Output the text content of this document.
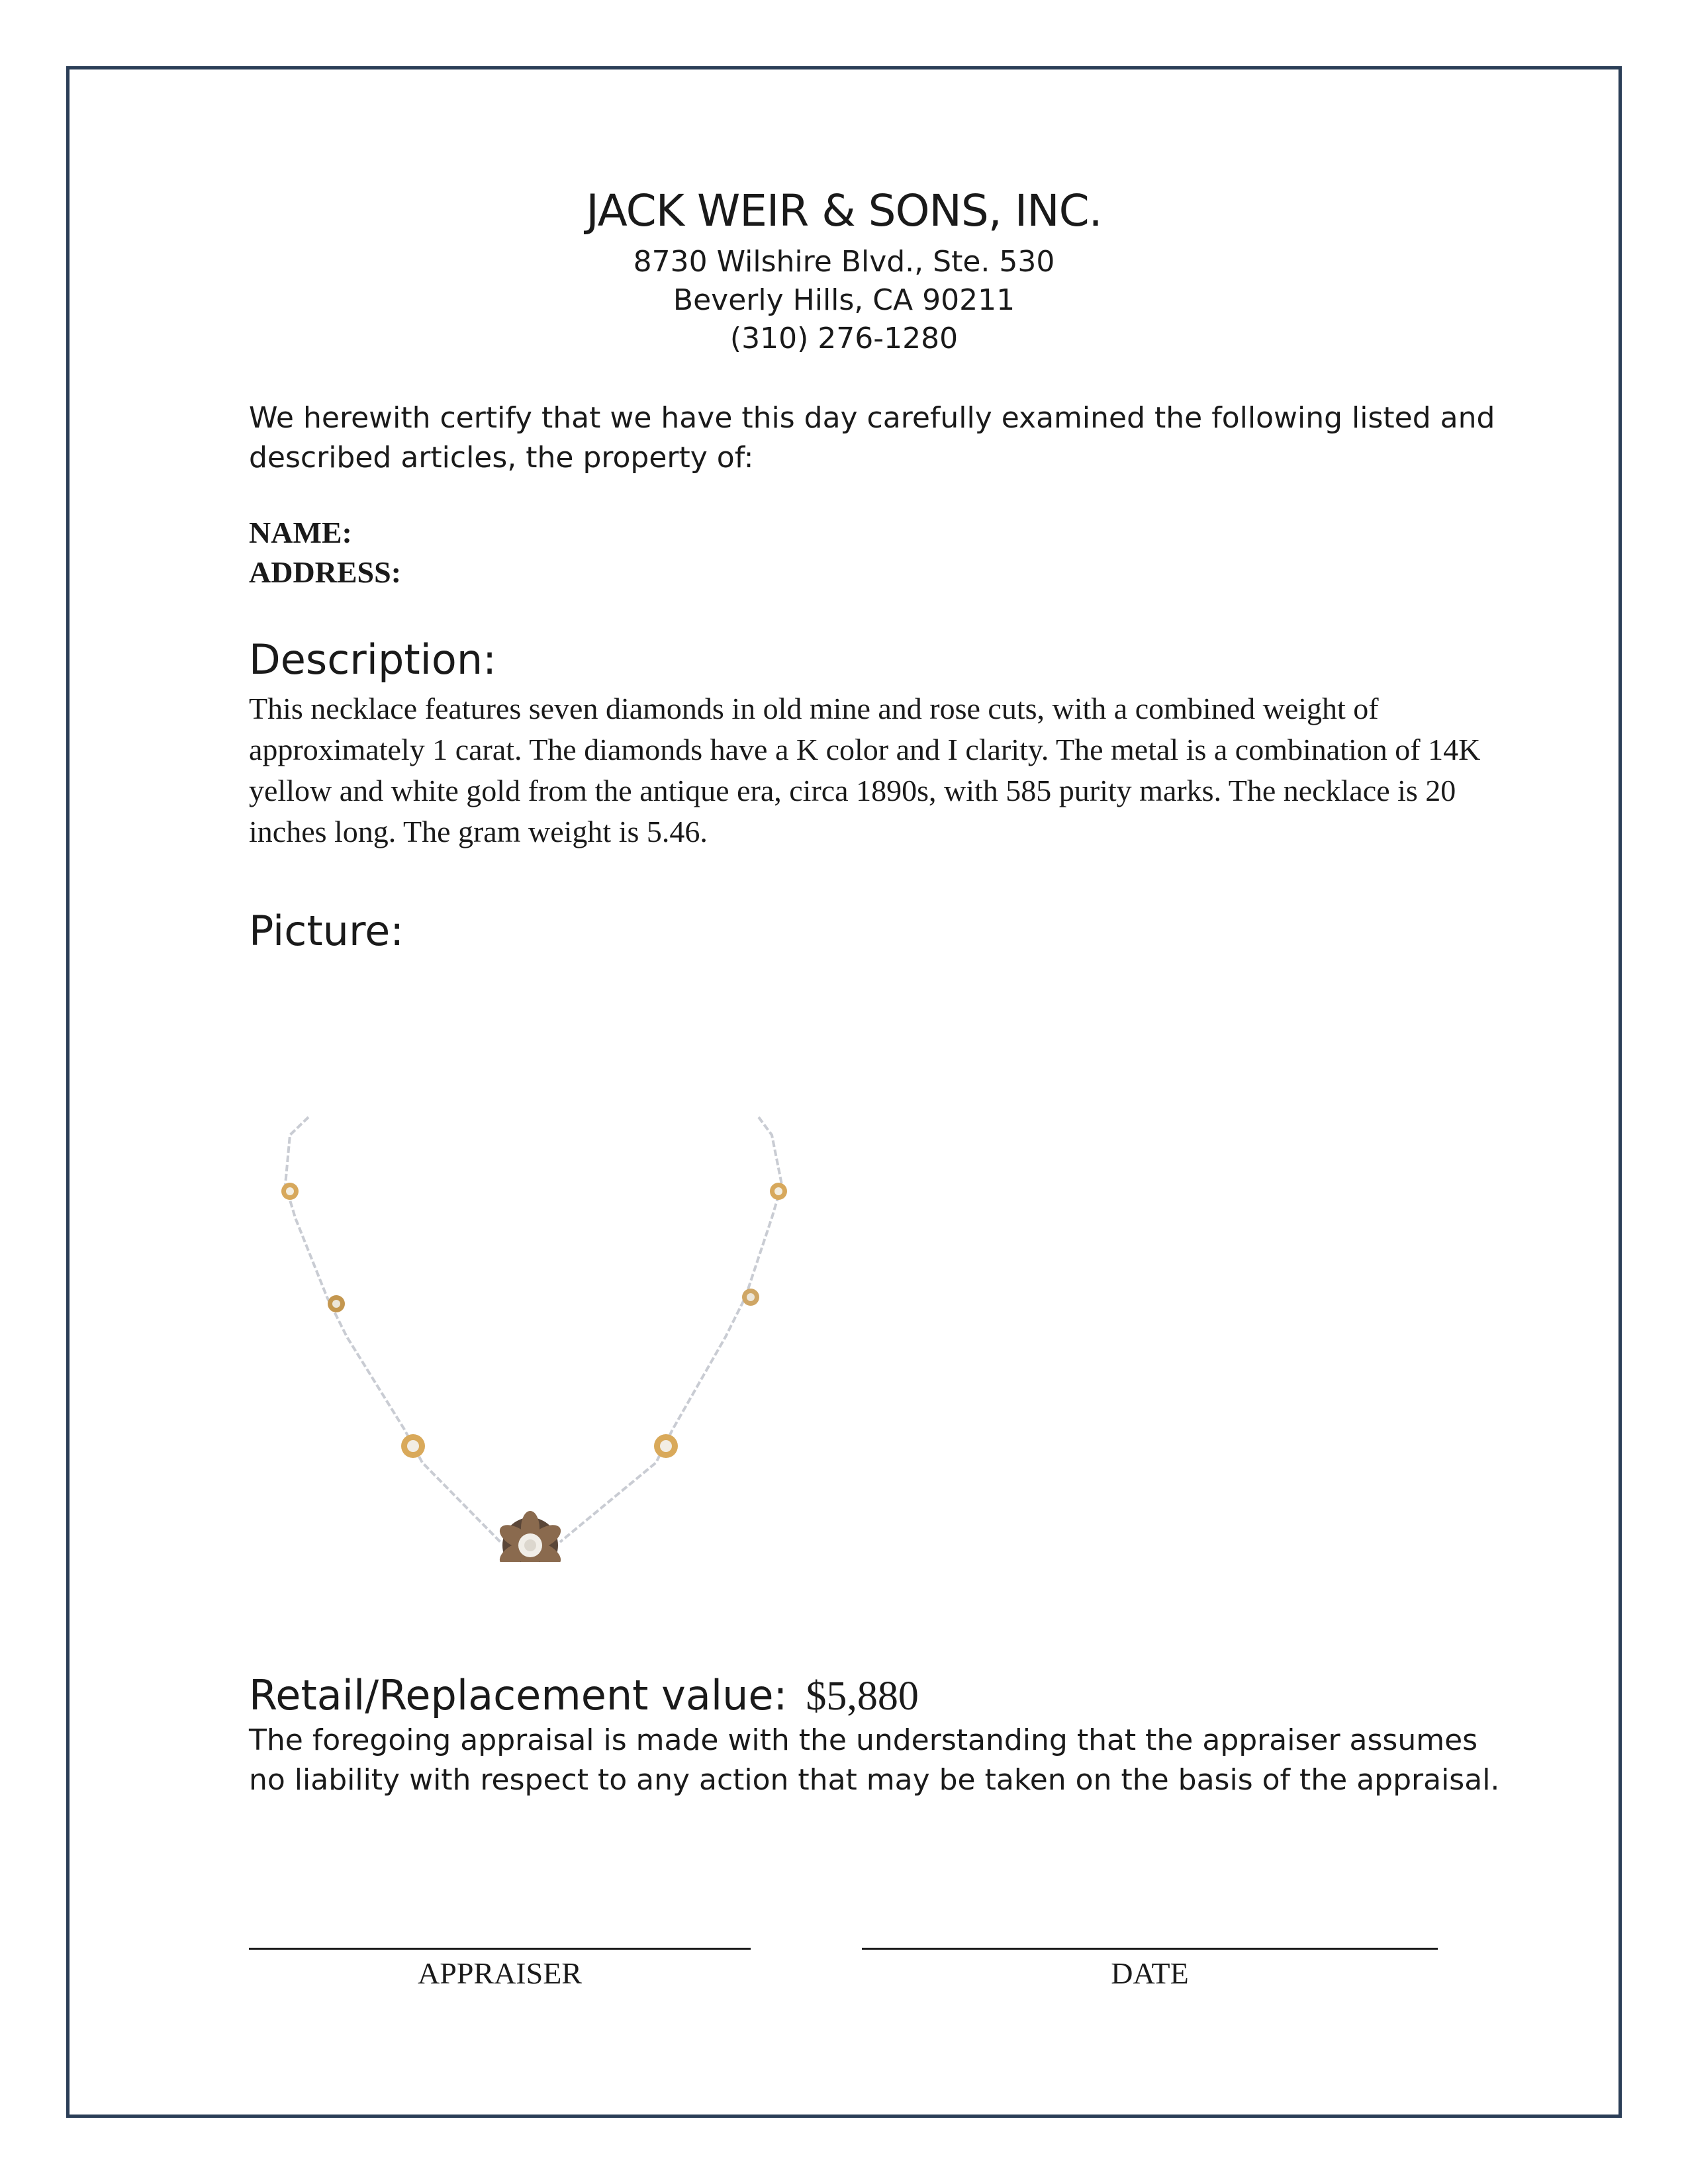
JACK WEIR & SONS, INC.
8730 Wilshire Blvd., Ste. 530
Beverly Hills, CA 90211
(310) 276-1280
We herewith certify that we have this day carefully examined the following listed and described articles, the property of:
NAME:
ADDRESS:
Description:
This necklace features seven diamonds in old mine and rose cuts, with a combined weight of approximately 1 carat. The diamonds have a K color and I clarity. The metal is a combination of 14K yellow and white gold from the antique era, circa 1890s, with 585 purity marks. The necklace is 20 inches long. The gram weight is 5.46.
Picture:
Retail/Replacement value: $5,880
The foregoing appraisal is made with the understanding that the appraiser assumes no liability with respect to any action that may be taken on the basis of the appraisal.
APPRAISER	DATE
